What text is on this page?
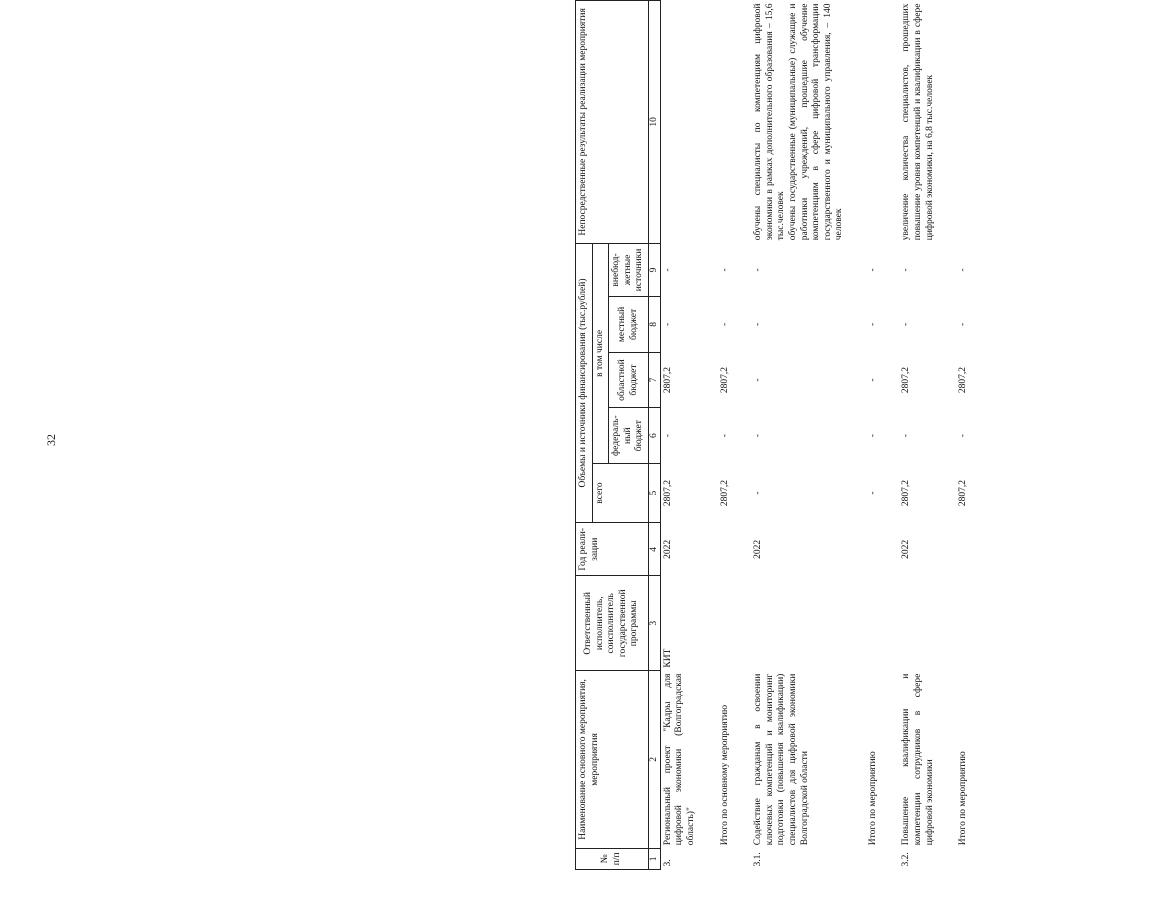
32
№
п/п	Наименование основного мероприятия, мероприятия	Ответственный исполнитель, соисполнитель государственной программы	Год реали-зации	Объемы и источники финансирования (тыс.рублей)					Непосредственные результаты реализации мероприятия
				всего	в том числе				
					федераль-ный бюджет	областной бюджет	местный бюджет	внебюд-жетные источники	
1	2	3	4	5	6	7	8	9	10
3.	Региональный проект "Кадры для цифровой экономики (Волгоградская область)"	КИТ	2022	2807,2	-	2807,2	-	-	

	Итого по основному мероприятию			2807,2	-	2807,2	-	-	

3.1.	Содействие гражданам в освоении ключевых компетенций и мониторинг подготовки (повышения квалификации) специалистов для цифровой экономики Волгоградской области		2022	-	-	-	-	-	обучены специалисты по компетенциям цифровой экономики в рамках дополнительного образования – 15,6 тыс.человек
обучены государственные (муниципальные) служащие и работники учреждений, прошедшие обучение компетенциям в сфере цифровой трансформации государственного и муниципального управления, – 140 человек

	Итого по мероприятию			-	-	-	-	-	

3.2.	Повышение квалификации и компетенции сотрудников в сфере цифровой экономики		2022	2807,2	-	2807,2	-	-	увеличение количества специалистов, прошедших повышение уровня компетенций и квалификации в сфере цифровой экономики, на 6,8 тыс.человек

	Итого по мероприятию			2807,2	-	2807,2	-	-	
